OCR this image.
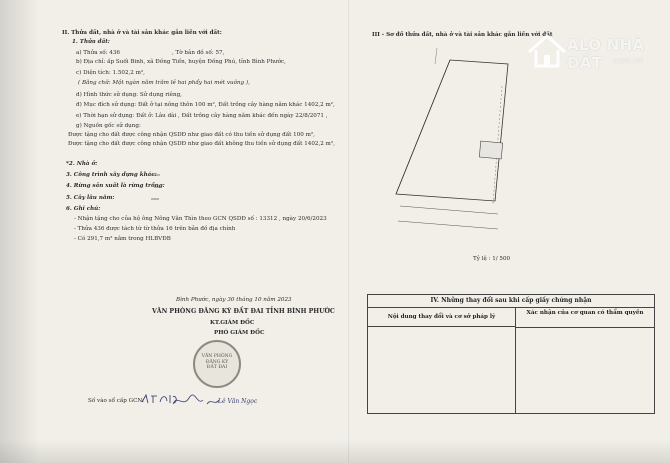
II. Thửa đất, nhà ở và tài sản khác gắn liền với đất:
1. Thửa đất:
a) Thửa số: 436	, Tờ bản đồ số: 57,
b) Địa chỉ: ấp Suối Binh, xã Đồng Tiến, huyện Đồng Phú, tỉnh Bình Phước,
c) Diện tích: 1.502,2 m²,
( Bằng chữ: Một ngàn năm trăm lẻ hai phẩy hai mét vuông ),
d) Hình thức sử dụng: Sử dụng riêng,
đ) Mục đích sử dụng: Đất ở tại nông thôn 100 m², Đất trồng cây hàng năm khác 1402,2 m²,
e) Thời hạn sử dụng: Đất ở: Lâu dài , Đất trồng cây hàng năm khác đến ngày 22/8/2071 ,
g) Nguồn gốc sử dụng:
Được tặng cho đất được công nhận QSDĐ như giao đất có thu tiền sử dụng đất 100 m²,
Được tặng cho đất được công nhận QSDĐ như giao đất không thu tiền sử dụng đất 1402,2 m²,
*2. Nhà ở:
3. Công trình xây dựng khác:
4. Rừng sản xuất là rừng trồng:
5. Cây lâu năm:
6. Ghi chú:
- Nhận tặng cho của hộ ông Nông Văn Thìn theo GCN QSDĐ số : 13312 , ngày 20/6/2023
- Thửa 436 được tách từ từ thửa 16 trên bản đồ địa chính
- Có 291,7 m² nằm trong HLBVĐB
Bình Phước, ngày 30 tháng 10 năm 2023
VĂN PHÒNG ĐĂNG KÝ ĐẤT ĐAI TỈNH BÌNH PHƯỚC
KT.GIÁM ĐỐC
PHÓ GIÁM ĐỐC
VĂN PHÒNG
ĐĂNG KÝ
ĐẤT ĐAI
Lê Văn Ngọc
Số vào sổ cấp GCN:
III - Sơ đồ thửa đất, nhà ở và tài sản khác gắn liền với đất
Tỷ lệ : 1/ 500
IV. Những thay đổi sau khi cấp giấy chứng nhận
Nội dung thay đổi và cơ sở pháp lý
Xác nhận của cơ quan có thẩm quyền
ALO NHÀ ĐẤT	.com.vn
